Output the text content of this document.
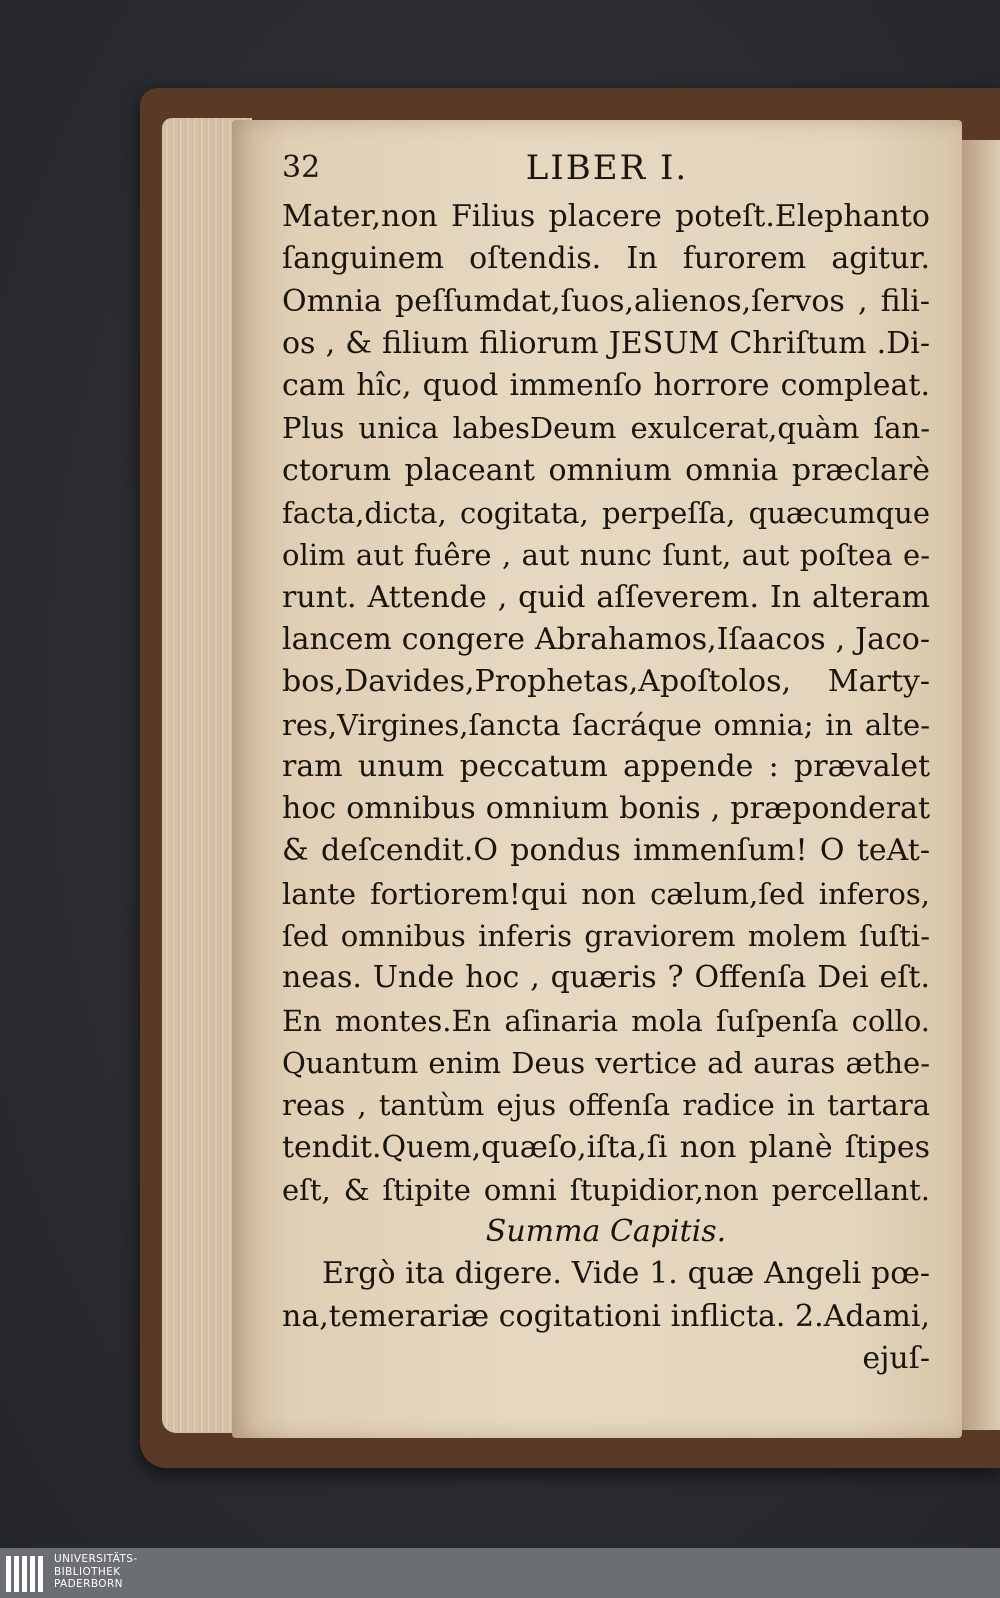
32	LIBER I.
Mater,non Filius placere poteſt.Elephanto
ſanguinem oſtendis. In furorem agitur.
Omnia peſſumdat,ſuos,alienos,ſervos , fili-
os , & filium filiorum JESUM Chriſtum .Di-
cam hîc, quod immenſo horrore compleat.
Plus unica labesDeum exulcerat,quàm ſan-
ctorum placeant omnium omnia præclarè
facta,dicta, cogitata, perpeſſa, quæcumque
olim aut fuêre , aut nunc ſunt, aut poſtea e-
runt. Attende , quid aſſeverem. In alteram
lancem congere Abrahamos,Iſaacos , Jaco-
bos,Davides,Prophetas,Apoſtolos, Marty-
res,Virgines,ſancta ſacráque omnia; in alte-
ram unum peccatum appende : prævalet
hoc omnibus omnium bonis , præponderat
& deſcendit.O pondus immenſum! O teAt-
lante fortiorem!qui non cælum,ſed inferos,
ſed omnibus inferis graviorem molem ſuſti-
neas. Unde hoc , quæris ? Offenſa Dei eſt.
En montes.En aſinaria mola ſuſpenſa collo.
Quantum enim Deus vertice ad auras æthe-
reas , tantùm ejus offenſa radice in tartara
tendit.Quem,quæſo,iſta,ſi non planè ſtipes
eſt, & ſtipite omni ſtupidior,non percellant.
Summa Capitis.
Ergò ita digere. Vide 1. quæ Angeli pœ-
na,temerariæ cogitationi inflicta. 2.Adami,
ejuſ-
UNIVERSITÄTS-
BIBLIOTHEK
PADERBORN
